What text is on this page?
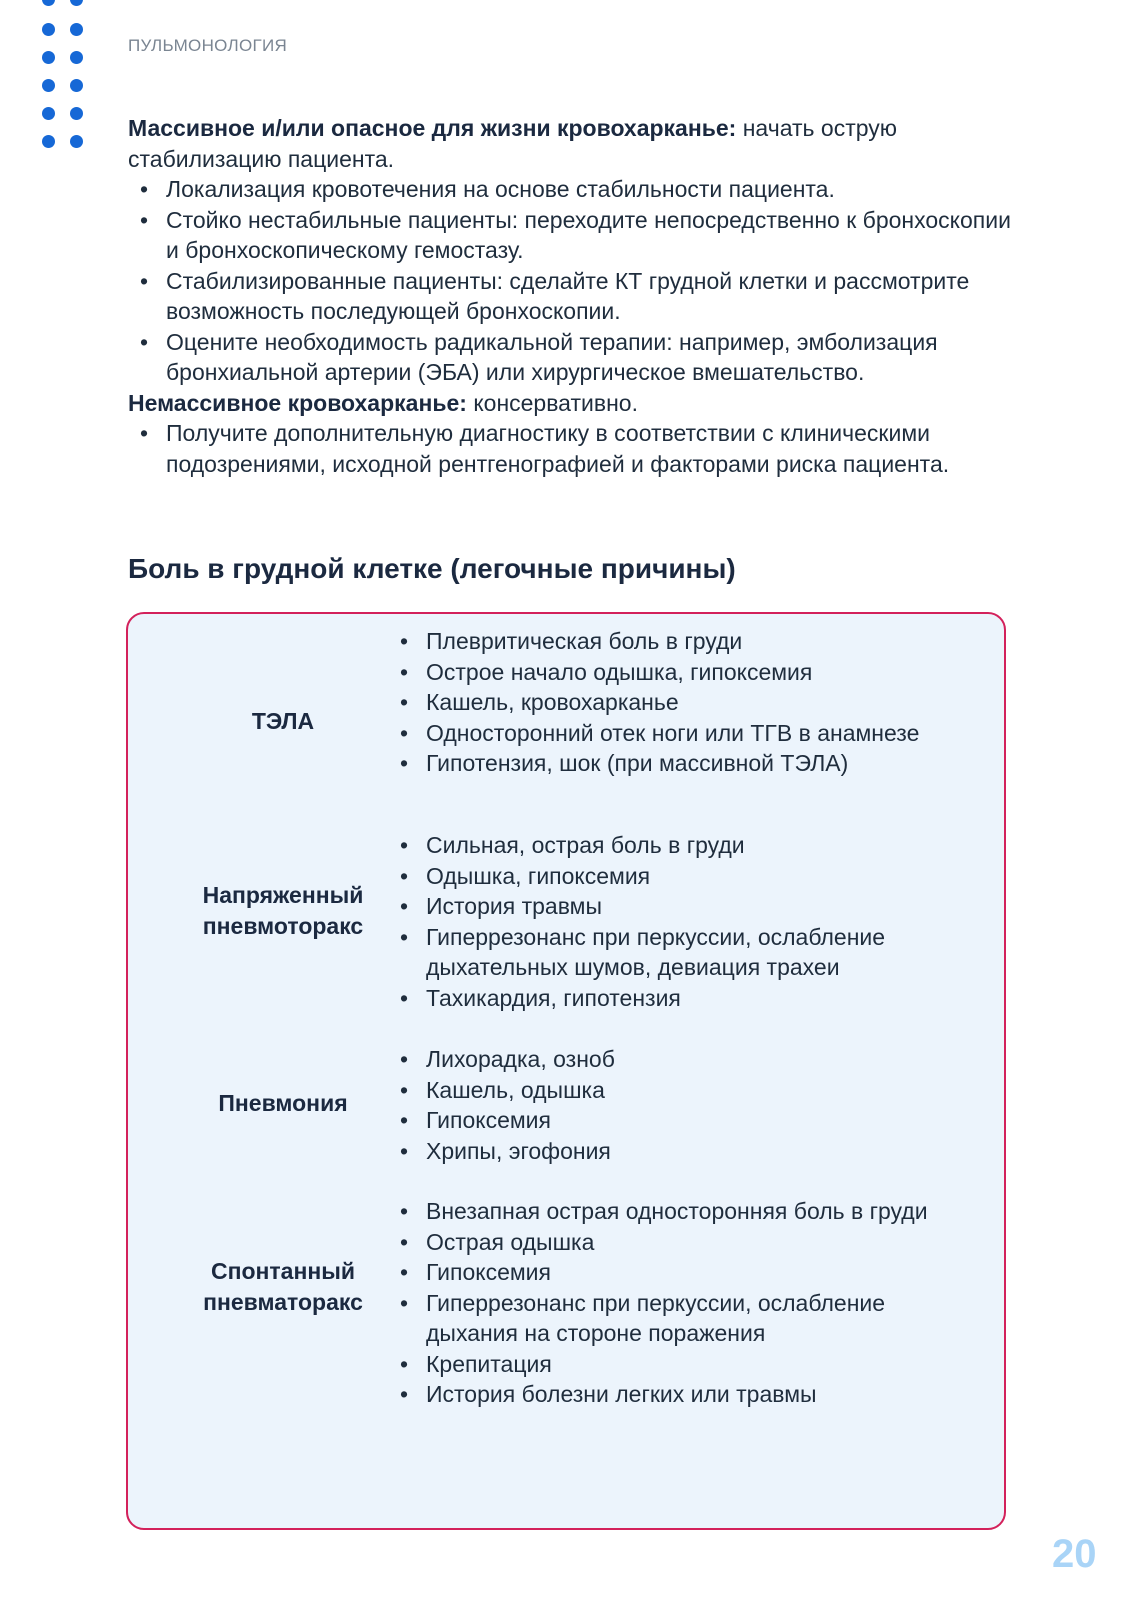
ПУЛЬМОНОЛОГИЯ

Массивное и/или опасное для жизни кровохарканье: начать острую стабилизацию пациента.

• Локализация кровотечения на основе стабильности пациента.
• Стойко нестабильные пациенты: переходите непосредственно к бронхоскопии и бронхоскопическому гемостазу.
• Стабилизированные пациенты: сделайте КТ грудной клетки и рассмотрите возможность последующей бронхоскопии.
• Оцените необходимость радикальной терапии: например, эмболизация бронхиальной артерии (ЭБА) или хирургическое вмешательство.

Немассивное кровохарканье: консервативно.

• Получите дополнительную диагностику в соответствии с клиническими подозрениями, исходной рентгенографией и факторами риска пациента.
Боль в грудной клетке (легочные причины)
ТЭЛА
• Плевритическая боль в груди
• Острое начало одышка, гипоксемия
• Кашель, кровохарканье
• Односторонний отек ноги или ТГВ в анамнезе
• Гипотензия, шок (при массивной ТЭЛА)
Напряженный пневмоторакс
• Сильная, острая боль в груди
• Одышка, гипоксемия
• История травмы
• Гиперрезонанс при перкуссии, ослабление дыхательных шумов, девиация трахеи
• Тахикардия, гипотензия
Пневмония
• Лихорадка, озноб
• Кашель, одышка
• Гипоксемия
• Хрипы, эгофония
Спонтанный пневматоракс
• Внезапная острая односторонняя боль в груди
• Острая одышка
• Гипоксемия
• Гиперрезонанс при перкуссии, ослабление дыхания на стороне поражения
• Крепитация
• История болезни легких или травмы
20
